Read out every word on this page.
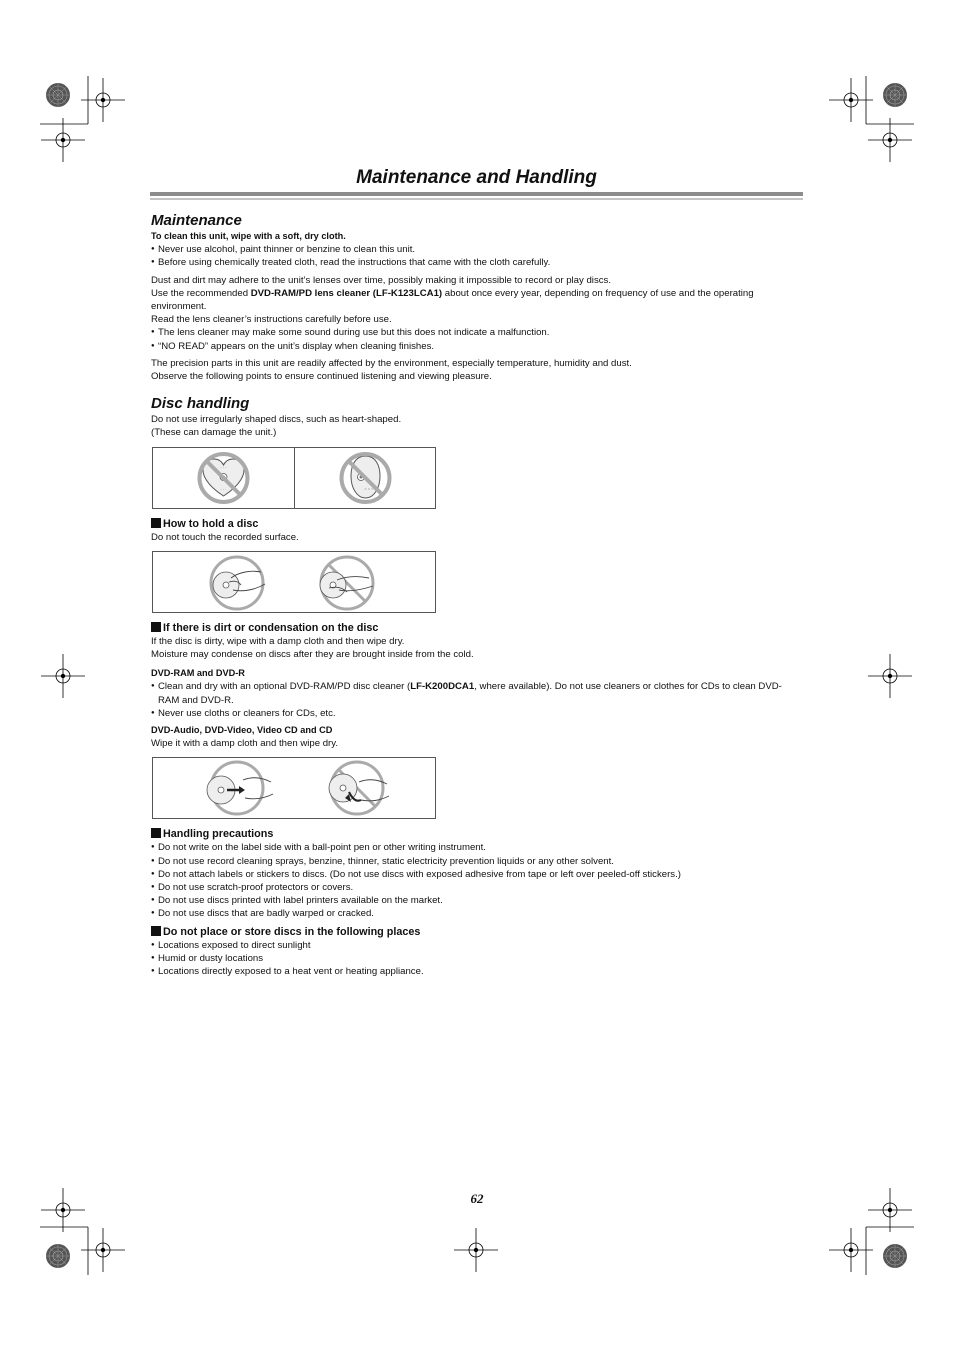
Maintenance and Handling
Maintenance

To clean this unit, wipe with a soft, dry cloth.

● Never use alcohol, paint thinner or benzine to clean this unit.
● Before using chemically treated cloth, read the instructions that came with the cloth carefully.

Dust and dirt may adhere to the unit’s lenses over time, possibly making it impossible to record or play discs.

Use the recommended DVD-RAM/PD lens cleaner (LF-K123LCA1) about once every year, depending on frequency of use and the operating environment.

Read the lens cleaner’s instructions carefully before use.

● The lens cleaner may make some sound during use but this does not indicate a malfunction.
● “NO READ” appears on the unit’s display when cleaning finishes.

The precision parts in this unit are readily affected by the environment, especially temperature, humidity and dust.

Observe the following points to ensure continued listening and viewing pleasure.

Disc handling

Do not use irregularly shaped discs, such as heart-shaped.

(These can damage the unit.)

- - -
- - -	= = =
How to hold a disc

Do not touch the recorded surface.

If there is dirt or condensation on the disc

If the disc is dirty, wipe with a damp cloth and then wipe dry.

Moisture may condense on discs after they are brought inside from the cold.

DVD-RAM and DVD-R

● Clean and dry with an optional DVD-RAM/PD disc cleaner (LF-K200DCA1, where available). Do not use cleaners or clothes for CDs to clean DVD-RAM and DVD-R.
● Never use cloths or cleaners for CDs, etc.

DVD-Audio, DVD-Video, Video CD and CD

Wipe it with a damp cloth and then wipe dry.

Handling precautions
● Do not write on the label side with a ball-point pen or other writing instrument.
● Do not use record cleaning sprays, benzine, thinner, static electricity prevention liquids or any other solvent.
● Do not attach labels or stickers to discs. (Do not use discs with exposed adhesive from tape or left over peeled-off stickers.)
● Do not use scratch-proof protectors or covers.
● Do not use discs printed with label printers available on the market.
● Do not use discs that are badly warped or cracked.
Do not place or store discs in the following places
● Locations exposed to direct sunlight
● Humid or dusty locations
● Locations directly exposed to a heat vent or heating appliance.
62
